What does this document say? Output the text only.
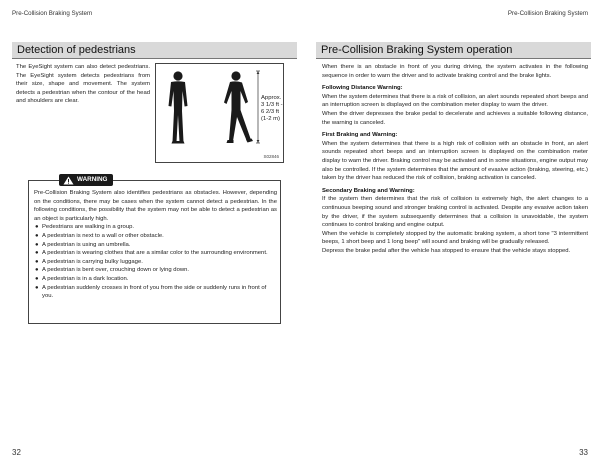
Pre-Collision Braking System
Detection of pedestrians
The EyeSight system can also detect pedestrians. The EyeSight system detects pedestrians from their size, shape and movement. The system detects a pedestrian when the contour of the head and shoulders are clear.
Approx.
3 1/3 ft -
6 2/3 ft
(1-2 m)
S02846
WARNING
Pre-Collision Braking System also identifies pedestrians as obstacles. However, depending on the conditions, there may be cases when the system cannot detect a pedestrian. In the following conditions, the possibility that the system may not be able to detect a pedestrian as an object is particularly high.
● Pedestrians are walking in a group.
● A pedestrian is next to a wall or other obstacle.
● A pedestrian is using an umbrella.
● A pedestrian is wearing clothes that are a similar color to the surrounding environment.
● A pedestrian is carrying bulky luggage.
● A pedestrian is bent over, crouching down or lying down.
● A pedestrian is in a dark location.
● A pedestrian suddenly crosses in front of you from the side or suddenly runs in front of you.
32
Pre-Collision Braking System
Pre-Collision Braking System operation

When there is an obstacle in front of you during driving, the system activates in the following sequence in order to warn the driver and to activate braking control and the brake lights.

Following Distance Warning:

When the system determines that there is a risk of collision, an alert sounds repeated short beeps and an interruption screen is displayed on the combination meter display to warn the driver.

When the driver depresses the brake pedal to decelerate and achieves a suitable following distance, the warning is canceled.

First Braking and Warning:

When the system determines that there is a high risk of collision with an obstacle in front, an alert sounds repeated short beeps and an interruption screen is displayed on the combination meter display to warn the driver. Braking control may be activated and in some situations, engine output may also be controlled. If the system determines that the amount of evasive action (braking, steering, etc.) taken by the driver has reduced the risk of collision, braking activation is canceled.

Secondary Braking and Warning:

If the system then determines that the risk of collision is extremely high, the alert changes to a continuous beeping sound and stronger braking control is activated. Despite any evasive action taken by the driver, if the system subsequently determines that a collision is unavoidable, the system continues to control braking and engine output.

When the vehicle is completely stopped by the automatic braking system, a short tone "3 intermittent beeps, 1 short beep and 1 long beep" will sound and braking will be gradually released.

Depress the brake pedal after the vehicle has stopped to ensure that the vehicle stays stopped.

33
